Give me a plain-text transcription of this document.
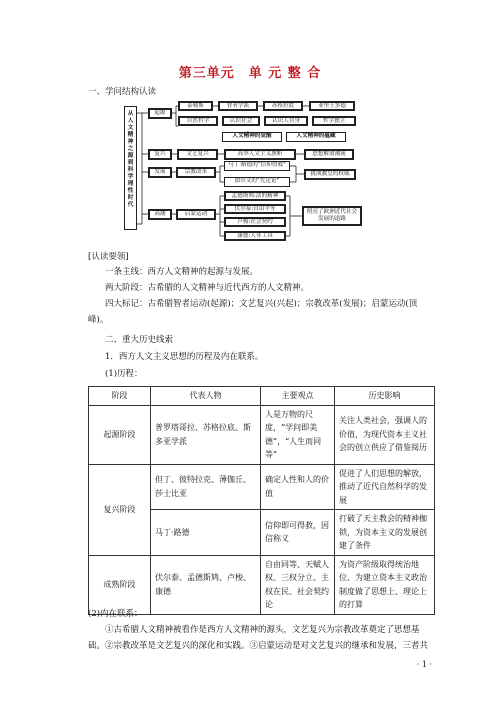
第三单元　单 元 整 合
一、学问结构认读
从人文精神之源到科学理性时代
起源
泰勒斯	智者学派	苏格拉底	亚里士多德
自然哲学	认识社会	认识人自身	哲学独立
人文精神的觉醒	人文精神的蕴藏
复兴	文艺复兴	高举人文主义旗帜	思想解放潮流
发展	宗教改革
马丁·路德的“信仰得救”
加尔文的“先定论”
挑战教皇的权威
高潮	启蒙运动
孟德斯鸠:法的精神
伏尔泰:自由平等
卢梭:社会契约
康德:人非工具
照亮了欧洲近代社会
发展的道路
[认读要领]
一条主线：西方人文精神的起源与发展。
两大阶段：古希腊的人文精神与近代西方的人文精神。
四大标记：古希腊智者运动(起源)；文艺复兴(兴起)；宗教改革(发展)；启蒙运动(顶峰)。
二、重大历史线索
1．西方人文主义思想的历程及内在联系。
(1)历程：
阶段	代表人物	主要观点	历史影响
起源阶段	普罗塔哥拉、苏格拉底、斯多亚学派	人是万物的尺度，“学问即美德”，“人生而同等”	关注人类社会，强调人的价值，为现代资本主义社会的创立供应了借鉴阅历
复兴阶段	但丁、彼特拉克、薄伽丘、莎士比亚	确定人性和人的价值	促进了人们思想的解放，推动了近代自然科学的发展
	马丁·路德	信仰即可得救，因信称义	打破了天主教会的精神枷锁，为资本主义的发展创建了条件
成熟阶段	伏尔泰、孟德斯鸠、卢梭、康德	自由同等、天赋人权、三权分立、主权在民、社会契约论	为资产阶级取得统治地位、为建立资本主义政治制度做了思想上、理论上的打算
(2)内在联系：
①古希腊人文精神被看作是西方人文精神的源头，文艺复兴为宗教改革奠定了思想基础。②宗教改革是文艺复兴的深化和实践。③启蒙运动是对文艺复兴的继承和发展，三者共
· 1 ·
